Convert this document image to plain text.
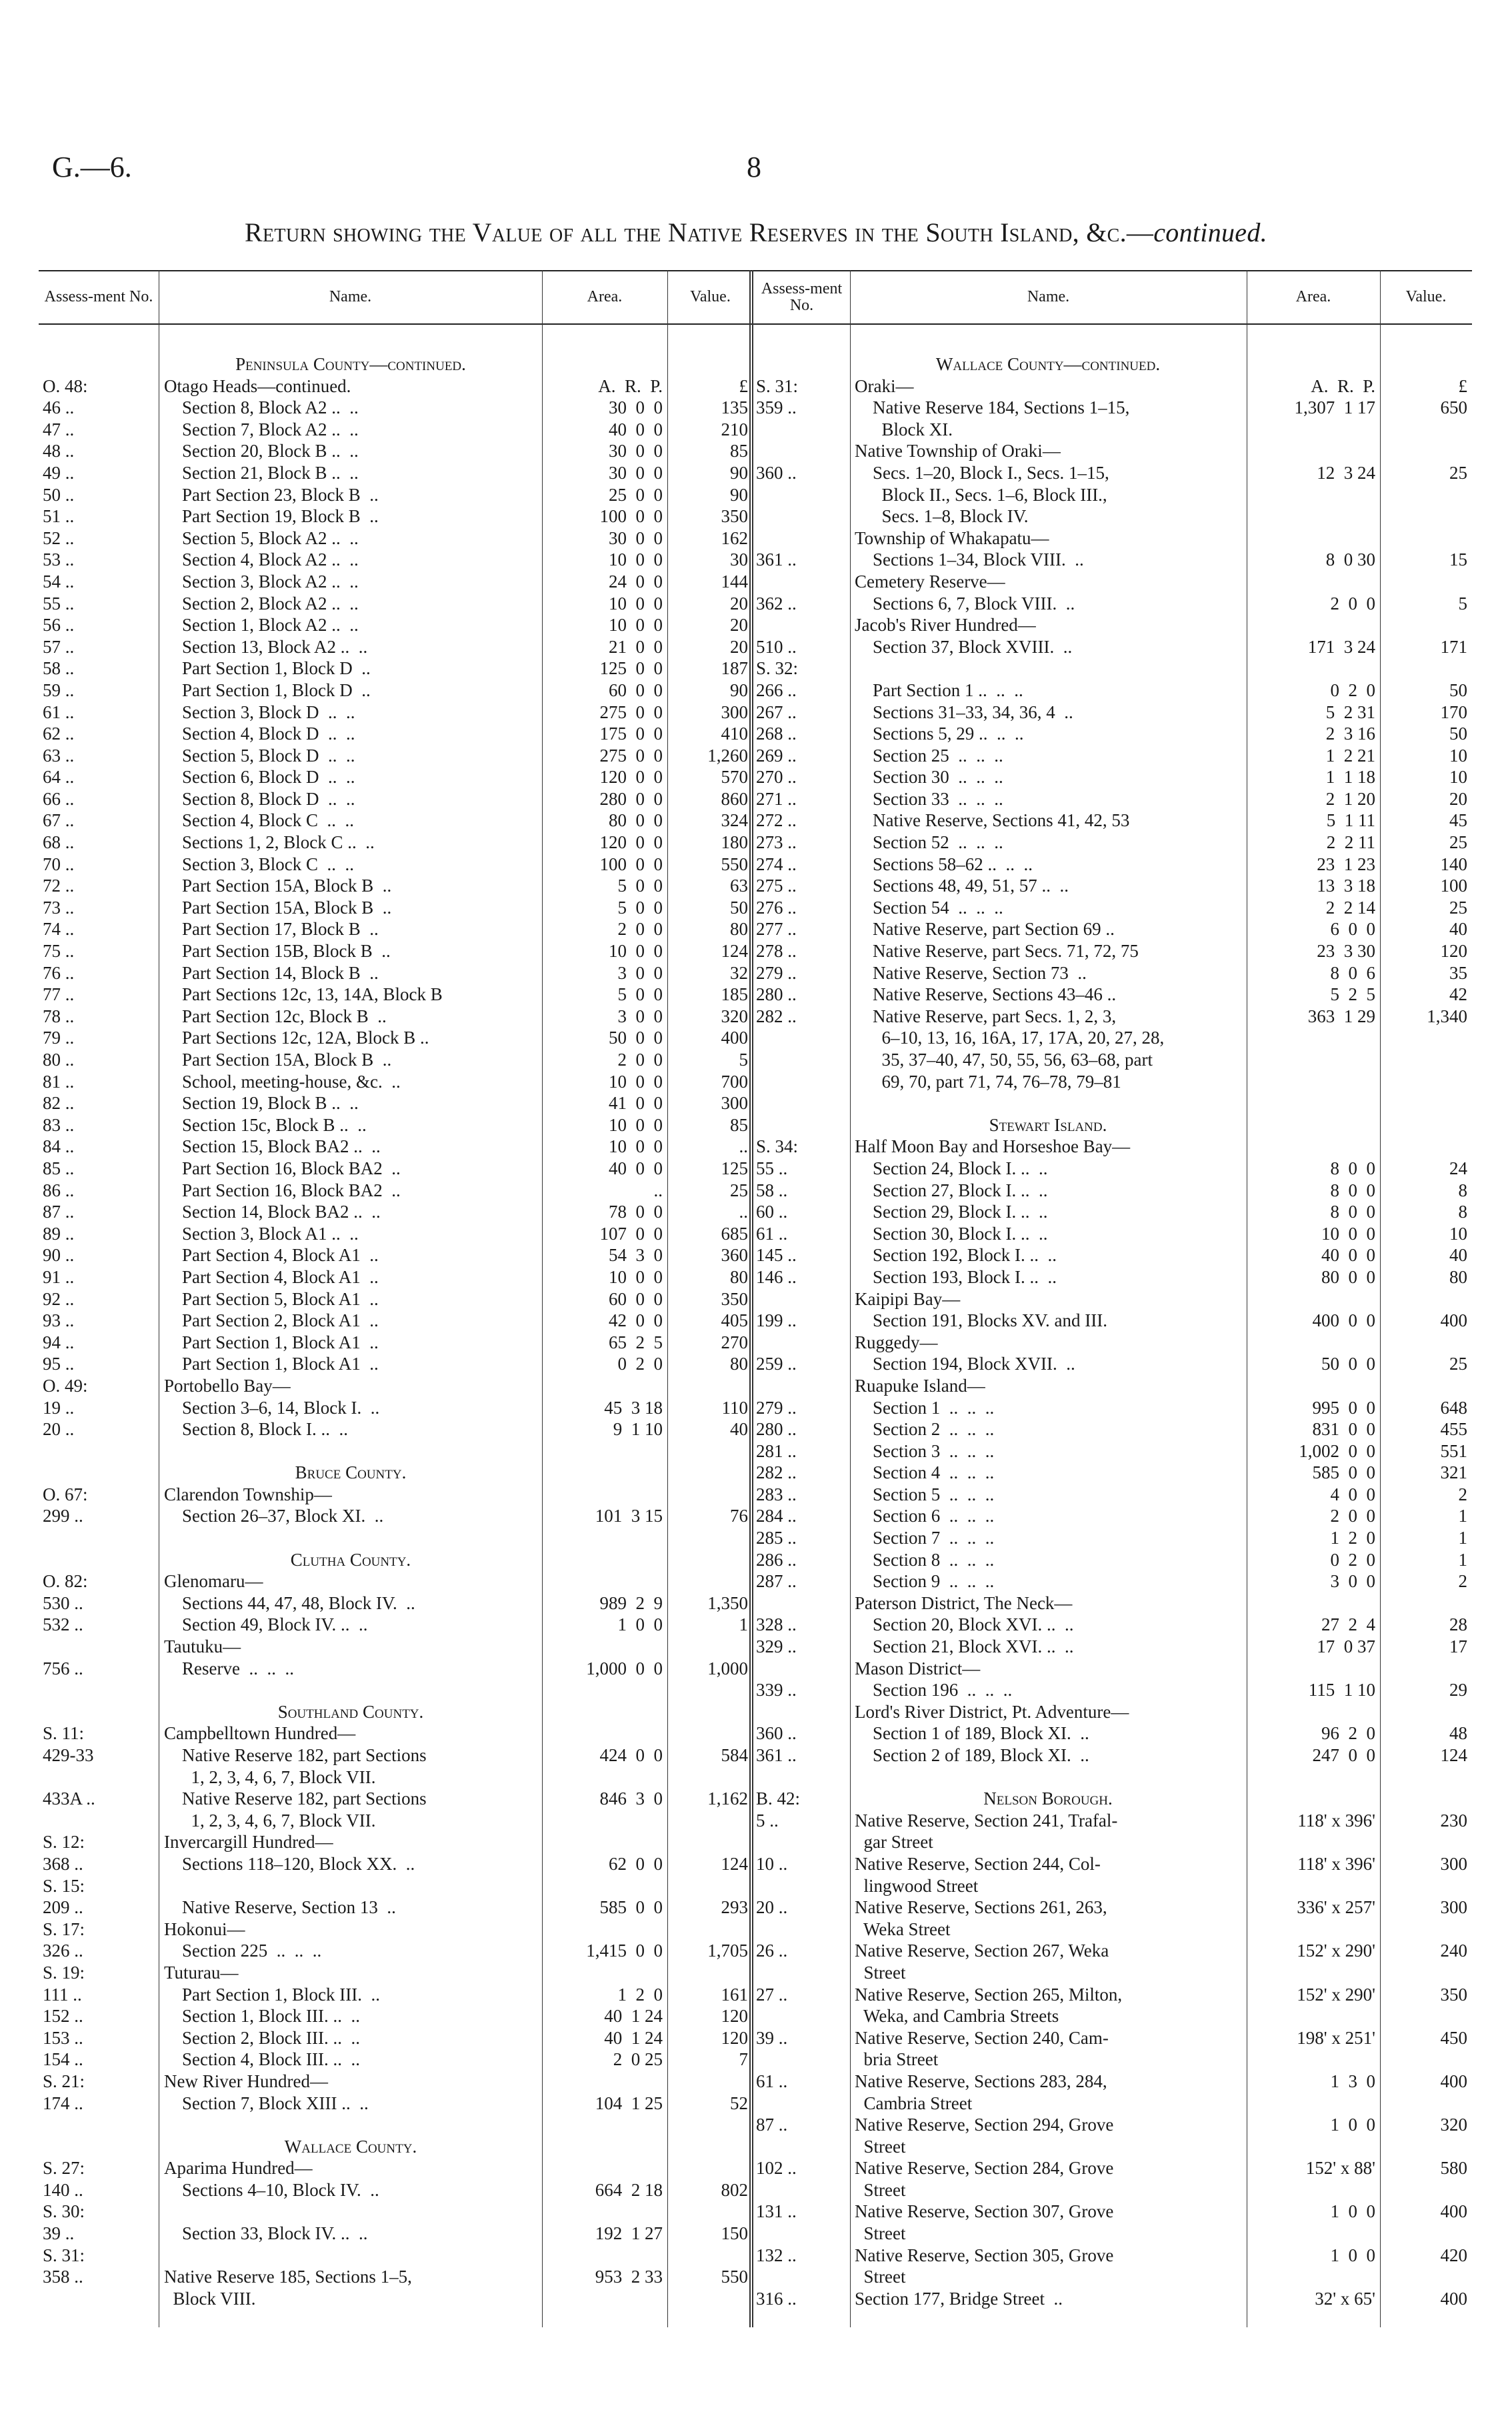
G.—6.	8
Return showing the Value of all the Native Reserves in the South Island, &c.—continued.
Assess-ment No.	Name.	Area.	Value.
Peninsula County—continued.
O. 48:	Otago Heads—continued.	A.  R.  P.	£
46 ..	Section 8, Block A2 ..  ..	30  0  0	135
47 ..	Section 7, Block A2 ..  ..	40  0  0	210
48 ..	Section 20, Block B ..  ..	30  0  0	85
49 ..	Section 21, Block B ..  ..	30  0  0	90
50 ..	Part Section 23, Block B  ..	25  0  0	90
51 ..	Part Section 19, Block B  ..	100  0  0	350
52 ..	Section 5, Block A2 ..  ..	30  0  0	162
53 ..	Section 4, Block A2 ..  ..	10  0  0	30
54 ..	Section 3, Block A2 ..  ..	24  0  0	144
55 ..	Section 2, Block A2 ..  ..	10  0  0	20
56 ..	Section 1, Block A2 ..  ..	10  0  0	20
57 ..	Section 13, Block A2 ..  ..	21  0  0	20
58 ..	Part Section 1, Block D  ..	125  0  0	187
59 ..	Part Section 1, Block D  ..	60  0  0	90
61 ..	Section 3, Block D  ..  ..	275  0  0	300
62 ..	Section 4, Block D  ..  ..	175  0  0	410
63 ..	Section 5, Block D  ..  ..	275  0  0	1,260
64 ..	Section 6, Block D  ..  ..	120  0  0	570
66 ..	Section 8, Block D  ..  ..	280  0  0	860
67 ..	Section 4, Block C  ..  ..	80  0  0	324
68 ..	Sections 1, 2, Block C ..  ..	120  0  0	180
70 ..	Section 3, Block C  ..  ..	100  0  0	550
72 ..	Part Section 15A, Block B  ..	5  0  0	63
73 ..	Part Section 15A, Block B  ..	5  0  0	50
74 ..	Part Section 17, Block B  ..	2  0  0	80
75 ..	Part Section 15B, Block B  ..	10  0  0	124
76 ..	Part Section 14, Block B  ..	3  0  0	32
77 ..	Part Sections 12c, 13, 14A, Block B	5  0  0	185
78 ..	Part Section 12c, Block B  ..	3  0  0	320
79 ..	Part Sections 12c, 12A, Block B ..	50  0  0	400
80 ..	Part Section 15A, Block B  ..	2  0  0	5
81 ..	School, meeting-house, &c.  ..	10  0  0	700
82 ..	Section 19, Block B ..  ..	41  0  0	300
83 ..	Section 15c, Block B ..  ..	10  0  0	85
84 ..	Section 15, Block BA2 ..  ..	10  0  0	..
85 ..	Part Section 16, Block BA2  ..	40  0  0	125
86 ..	Part Section 16, Block BA2  ..	..	25
87 ..	Section 14, Block BA2 ..  ..	78  0  0	..
89 ..	Section 3, Block A1 ..  ..	107  0  0	685
90 ..	Part Section 4, Block A1  ..	54  3  0	360
91 ..	Part Section 4, Block A1  ..	10  0  0	80
92 ..	Part Section 5, Block A1  ..	60  0  0	350
93 ..	Part Section 2, Block A1  ..	42  0  0	405
94 ..	Part Section 1, Block A1  ..	65  2  5	270
95 ..	Part Section 1, Block A1  ..	0  2  0	80
O. 49:	Portobello Bay—
19 ..	Section 3–6, 14, Block I.  ..	45  3 18	110
20 ..	Section 8, Block I. ..  ..	9  1 10	40
Bruce County.
O. 67:	Clarendon Township—
299 ..	Section 26–37, Block XI.  ..	101  3 15	76
Clutha County.
O. 82:	Glenomaru—
530 ..	Sections 44, 47, 48, Block IV.  ..	989  2  9	1,350
532 ..	Section 49, Block IV. ..  ..	1  0  0	1
Tautuku—
756 ..	Reserve  ..  ..  ..	1,000  0  0	1,000
Southland County.
S. 11:	Campbelltown Hundred—
429-33	Native Reserve 182, part Sections	424  0  0	584
1, 2, 3, 4, 6, 7, Block VII.
433A ..	Native Reserve 182, part Sections	846  3  0	1,162
1, 2, 3, 4, 6, 7, Block VII.
S. 12:	Invercargill Hundred—
368 ..	Sections 118–120, Block XX.  ..	62  0  0	124
S. 15:
209 ..	Native Reserve, Section 13  ..	585  0  0	293
S. 17:	Hokonui—
326 ..	Section 225  ..  ..  ..	1,415  0  0	1,705
S. 19:	Tuturau—
111 ..	Part Section 1, Block III.  ..	1  2  0	161
152 ..	Section 1, Block III. ..  ..	40  1 24	120
153 ..	Section 2, Block III. ..  ..	40  1 24	120
154 ..	Section 4, Block III. ..  ..	2  0 25	7
S. 21:	New River Hundred—
174 ..	Section 7, Block XIII ..  ..	104  1 25	52
Wallace County.
S. 27:	Aparima Hundred—
140 ..	Sections 4–10, Block IV.  ..	664  2 18	802
S. 30:
39 ..	Section 33, Block IV. ..  ..	192  1 27	150
S. 31:
358 ..	Native Reserve 185, Sections 1–5,	953  2 33	550
Block VIII.
Assess-ment No.	Name.	Area.	Value.
Wallace County—continued.
S. 31:	Oraki—	A.  R.  P.	£
359 ..	Native Reserve 184, Sections 1–15,	1,307  1 17	650
Block XI.
Native Township of Oraki—
360 ..	Secs. 1–20, Block I., Secs. 1–15,	12  3 24	25
Block II., Secs. 1–6, Block III.,
Secs. 1–8, Block IV.
Township of Whakapatu—
361 ..	Sections 1–34, Block VIII.  ..	8  0 30	15
Cemetery Reserve—
362 ..	Sections 6, 7, Block VIII.  ..	2  0  0	5
Jacob's River Hundred—
510 ..	Section 37, Block XVIII.  ..	171  3 24	171
S. 32:
266 ..	Part Section 1 ..  ..  ..	0  2  0	50
267 ..	Sections 31–33, 34, 36, 4  ..	5  2 31	170
268 ..	Sections 5, 29 ..  ..  ..	2  3 16	50
269 ..	Section 25  ..  ..  ..	1  2 21	10
270 ..	Section 30  ..  ..  ..	1  1 18	10
271 ..	Section 33  ..  ..  ..	2  1 20	20
272 ..	Native Reserve, Sections 41, 42, 53	5  1 11	45
273 ..	Section 52  ..  ..  ..	2  2 11	25
274 ..	Sections 58–62 ..  ..  ..	23  1 23	140
275 ..	Sections 48, 49, 51, 57 ..  ..	13  3 18	100
276 ..	Section 54  ..  ..  ..	2  2 14	25
277 ..	Native Reserve, part Section 69 ..	6  0  0	40
278 ..	Native Reserve, part Secs. 71, 72, 75	23  3 30	120
279 ..	Native Reserve, Section 73  ..	8  0  6	35
280 ..	Native Reserve, Sections 43–46 ..	5  2  5	42
282 ..	Native Reserve, part Secs. 1, 2, 3,	363  1 29	1,340
6–10, 13, 16, 16A, 17, 17A, 20, 27, 28,
35, 37–40, 47, 50, 55, 56, 63–68, part
69, 70, part 71, 74, 76–78, 79–81
Stewart Island.
S. 34:	Half Moon Bay and Horseshoe Bay—
55 ..	Section 24, Block I. ..  ..	8  0  0	24
58 ..	Section 27, Block I. ..  ..	8  0  0	8
60 ..	Section 29, Block I. ..  ..	8  0  0	8
61 ..	Section 30, Block I. ..  ..	10  0  0	10
145 ..	Section 192, Block I. ..  ..	40  0  0	40
146 ..	Section 193, Block I. ..  ..	80  0  0	80
Kaipipi Bay—
199 ..	Section 191, Blocks XV. and III.	400  0  0	400
Ruggedy—
259 ..	Section 194, Block XVII.  ..	50  0  0	25
Ruapuke Island—
279 ..	Section 1  ..  ..  ..	995  0  0	648
280 ..	Section 2  ..  ..  ..	831  0  0	455
281 ..	Section 3  ..  ..  ..	1,002  0  0	551
282 ..	Section 4  ..  ..  ..	585  0  0	321
283 ..	Section 5  ..  ..  ..	4  0  0	2
284 ..	Section 6  ..  ..  ..	2  0  0	1
285 ..	Section 7  ..  ..  ..	1  2  0	1
286 ..	Section 8  ..  ..  ..	0  2  0	1
287 ..	Section 9  ..  ..  ..	3  0  0	2
Paterson District, The Neck—
328 ..	Section 20, Block XVI. ..  ..	27  2  4	28
329 ..	Section 21, Block XVI. ..  ..	17  0 37	17
Mason District—
339 ..	Section 196  ..  ..  ..	115  1 10	29
Lord's River District, Pt. Adventure—
360 ..	Section 1 of 189, Block XI.  ..	96  2  0	48
361 ..	Section 2 of 189, Block XI.  ..	247  0  0	124
B. 42:	Nelson Borough.
5 ..	Native Reserve, Section 241, Trafal-	118' x 396'	230
gar Street
10 ..	Native Reserve, Section 244, Col-	118' x 396'	300
lingwood Street
20 ..	Native Reserve, Sections 261, 263,	336' x 257'	300
Weka Street
26 ..	Native Reserve, Section 267, Weka	152' x 290'	240
Street
27 ..	Native Reserve, Section 265, Milton,	152' x 290'	350
Weka, and Cambria Streets
39 ..	Native Reserve, Section 240, Cam-	198' x 251'	450
bria Street
61 ..	Native Reserve, Sections 283, 284,	1  3  0	400
Cambria Street
87 ..	Native Reserve, Section 294, Grove	1  0  0	320
Street
102 ..	Native Reserve, Section 284, Grove	152' x 88'	580
Street
131 ..	Native Reserve, Section 307, Grove	1  0  0	400
Street
132 ..	Native Reserve, Section 305, Grove	1  0  0	420
Street
316 ..	Section 177, Bridge Street  ..	32' x 65'	400
